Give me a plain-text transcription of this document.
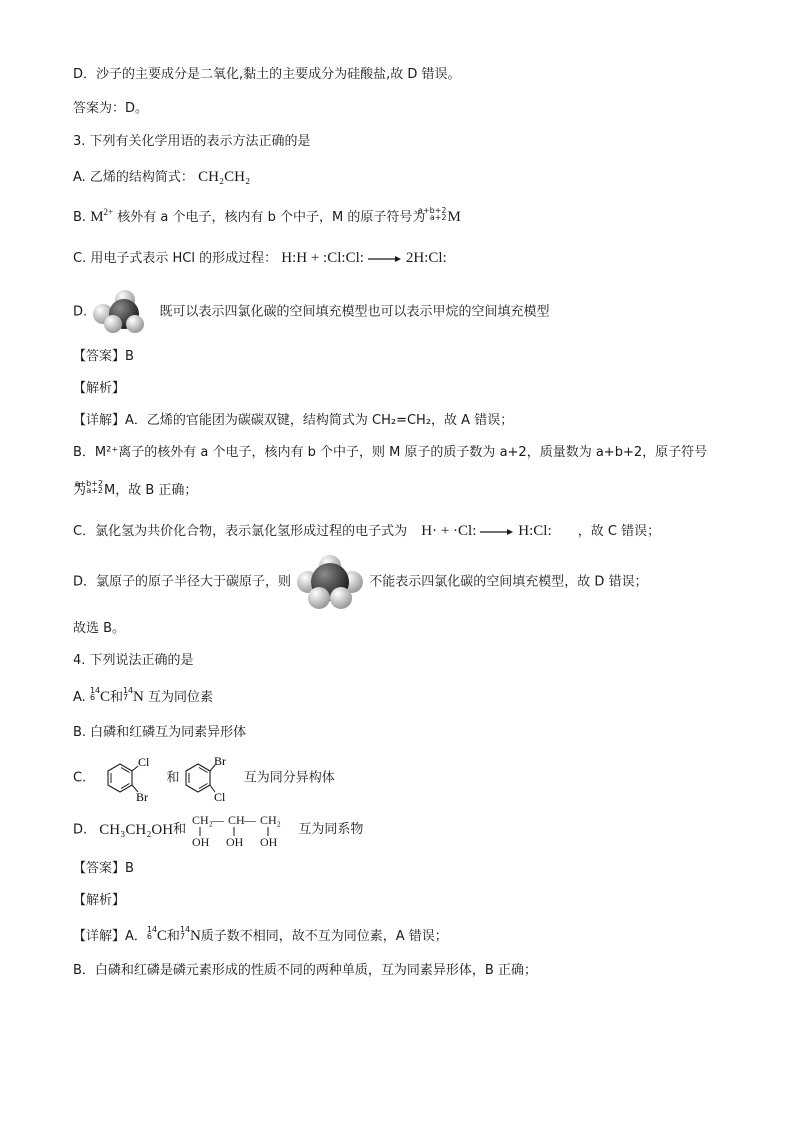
D．沙子的主要成分是二氧化,黏土的主要成分为硅酸盐,故 D 错误。
答案为：D。
3. 下列有关化学用语的表示方法正确的是
A. 乙烯的结构简式： CH₂CH₂
B. $M^{2+}$ 核外有 a 个电子，核内有 b 个中子，M 的原子符号为
a+b+2
a+2 M
C. 用电子式表示 HCl 的形成过程： H:H + :Cl:Cl: → 2H:Cl:
D.	既可以表示四氯化碳的空间填充模型也可以表示甲烷的空间填充模型
【答案】B
【解析】
【详解】A．乙烯的官能团为碳碳双键，结构简式为 CH₂=CH₂，故 A 错误；
B．M²⁺离子的核外有 a 个电子，核内有 b 个中子，则 M 原子的质子数为 a+2，质量数为 a+b+2，原子符号
为
a+b+2
a+2 M，故 B 正确；
C．氯化氢为共价化合物，表示氯化氢形成过程的电子式为 H· + ·Cl: → H:Cl: ，故 C 错误；
D．氯原子的原子半径大于碳原子，则	不能表示四氯化碳的空间填充模型，故 D 错误；
故选 B。
4. 下列说法正确的是
A. 14
6 C和 14
7 N 互为同位素
B. 白磷和红磷互为同素异形体
C.
Cl
Br
和
Br
Cl
互为同分异构体
D. CH₃CH₂OH和
CH₂ — CH — CH₂
OH OH OH
互为同系物
【答案】B
【解析】
【详解】A． 14
6 C和 14
7 N质子数不相同，故不互为同位素，A 错误；
B．白磷和红磷是磷元素形成的性质不同的两种单质，互为同素异形体，B 正确；
